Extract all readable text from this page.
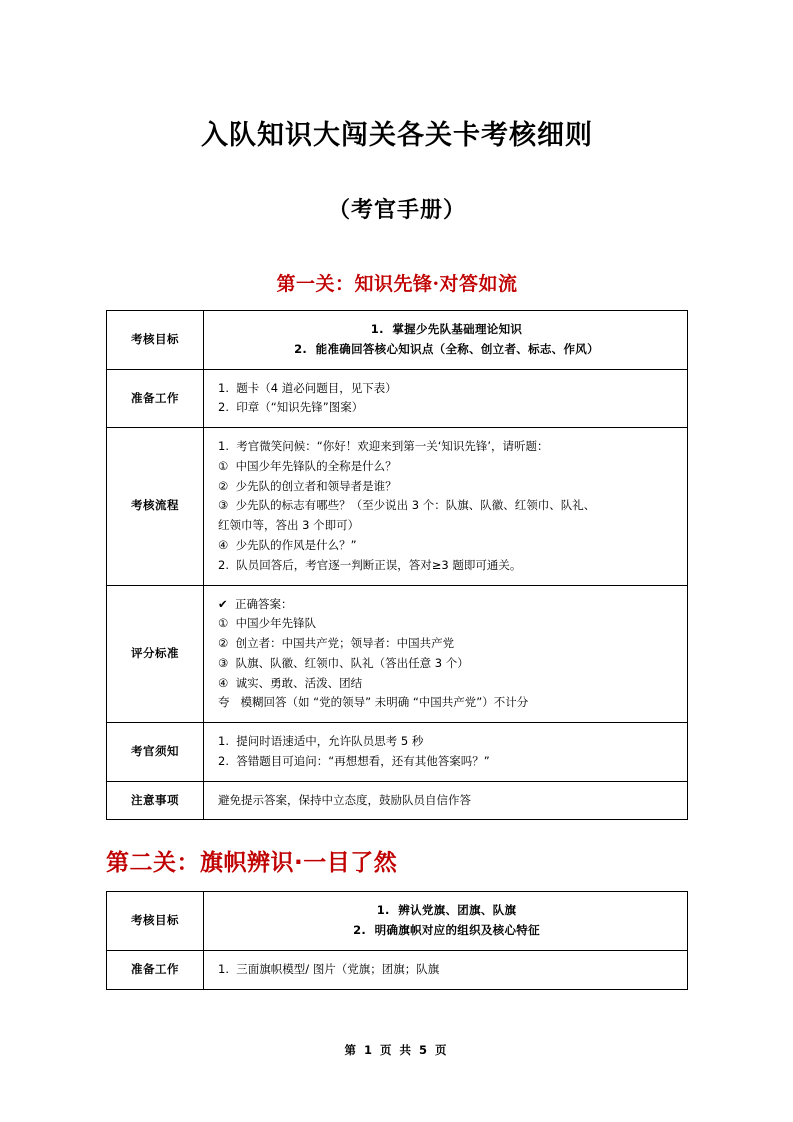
入队知识大闯关各关卡考核细则
（考官手册）
第一关：知识先锋·对答如流
考核目标	1.  掌握少先队基础理论知识
2.  能准确回答核心知识点（全称、创立者、标志、作风）

准备工作	1.  题卡（4 道必问题目，见下表）
2.  印章（“知识先锋”图案）

考核流程	
1.  考官微笑问候：“你好！欢迎来到第一关‘知识先锋’，请听题：
①  中国少年先锋队的全称是什么？
②  少先队的创立者和领导者是谁？
③  少先队的标志有哪些？（至少说出 3 个：队旗、队徽、红领巾、队礼、
红领巾等，答出 3 个即可）
④  少先队的作风是什么？”
2.  队员回答后，考官逐一判断正误，答对≥3 题即可通关。

评分标准	
✔  正确答案：
①  中国少年先锋队
②  创立者：中国共产党；领导者：中国共产党
③  队旗、队徽、红领巾、队礼（答出任意 3 个）
④  诚实、勇敢、活泼、团结
夸   模糊回答（如 “党的领导” 未明确 “中国共产党”）不计分

考官须知	1.  提问时语速适中，允许队员思考 5 秒
2.  答错题目可追问：“再想想看，还有其他答案吗？”

注意事项	避免提示答案，保持中立态度，鼓励队员自信作答
第二关：旗帜辨识·一目了然
考核目标	1.  辨认党旗、团旗、队旗
2.  明确旗帜对应的组织及核心特征

准备工作	1.  三面旗帜模型/ 图片（党旗；团旗；队旗
第 1 页 共 5 页
